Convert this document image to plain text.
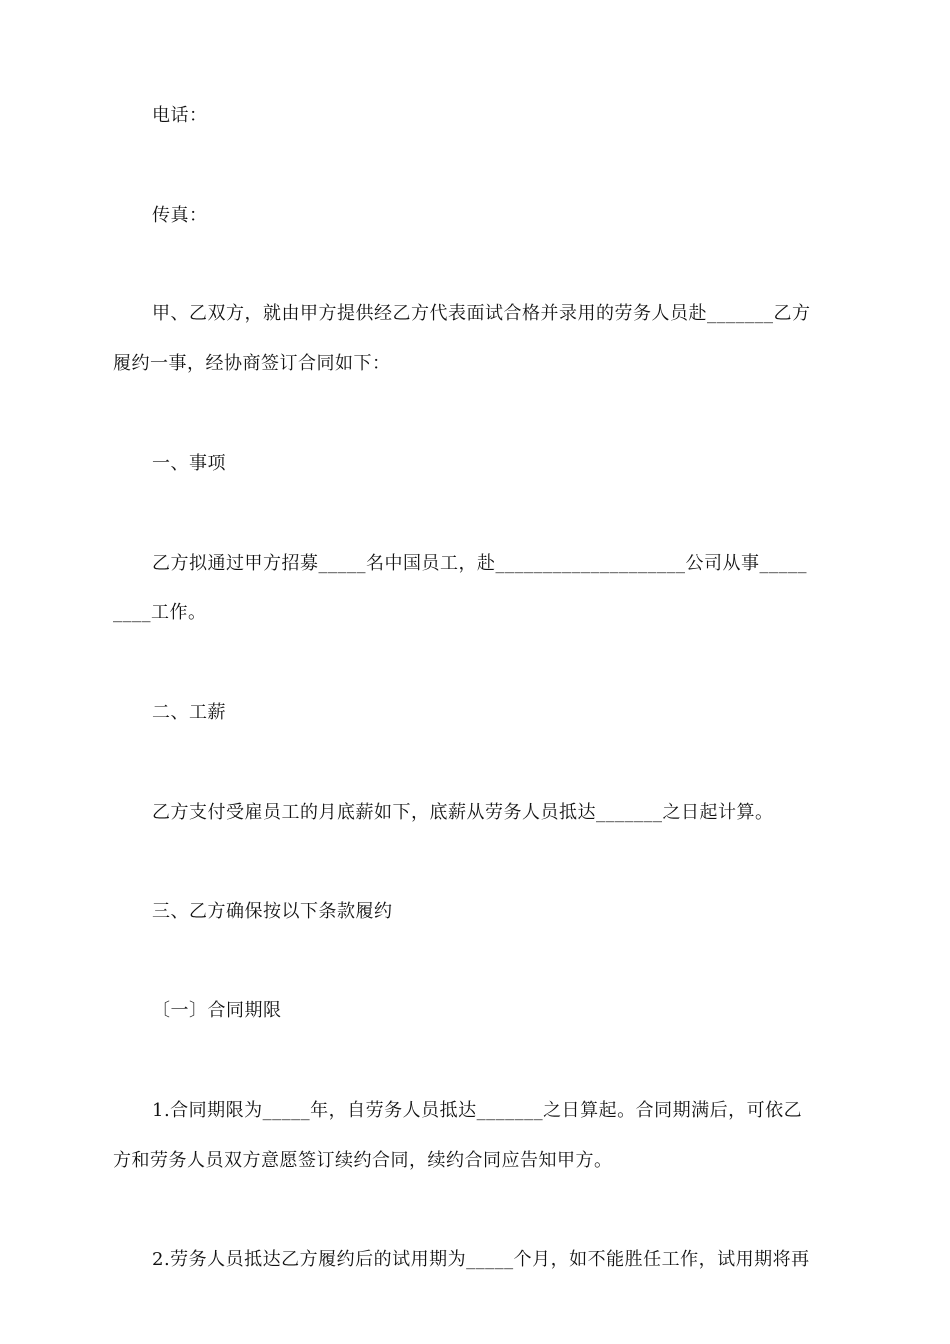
电话：
传真：
甲、乙双方，就由甲方提供经乙方代表面试合格并录用的劳务人员赴_______乙方
履约一事，经协商签订合同如下：
一、事项
乙方拟通过甲方招募_____名中国员工，赴____________________公司从事_____
____工作。
二、工薪
乙方支付受雇员工的月底薪如下，底薪从劳务人员抵达_______之日起计算。
三、乙方确保按以下条款履约
〔一〕合同期限
1.合同期限为_____年，自劳务人员抵达_______之日算起。合同期满后，可依乙
方和劳务人员双方意愿签订续约合同，续约合同应告知甲方。
2.劳务人员抵达乙方履约后的试用期为_____个月，如不能胜任工作，试用期将再
